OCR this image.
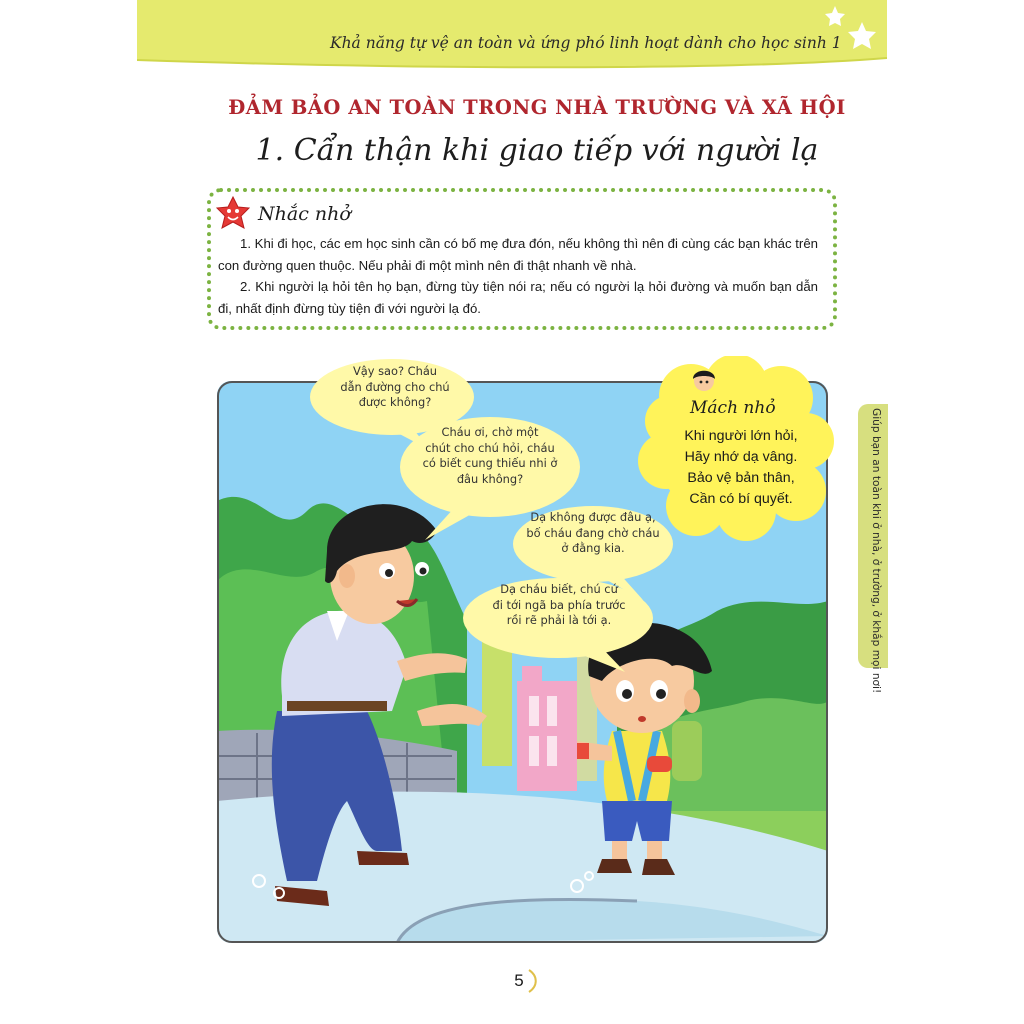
Khả năng tự vệ an toàn và ứng phó linh hoạt dành cho học sinh 1
ĐẢM BẢO AN TOÀN TRONG NHÀ TRƯỜNG VÀ XÃ HỘI
1. Cẩn thận khi giao tiếp với người lạ
Nhắc nhở
1. Khi đi học, các em học sinh cần có bố mẹ đưa đón, nếu không thì nên đi cùng các bạn khác trên con đường quen thuộc. Nếu phải đi một mình nên đi thật nhanh về nhà.
2. Khi người lạ hỏi tên họ bạn, đừng tùy tiện nói ra; nếu có người lạ hỏi đường và muốn bạn dẫn đi, nhất định đừng tùy tiện đi với người lạ đó.
Vậy sao? Cháu
dẫn đường cho chú
được không?
Cháu ơi, chờ một
chút cho chú hỏi, cháu
có biết cung thiếu nhi ở
đâu không?
Dạ không được đâu ạ,
bố cháu đang chờ cháu
ở đằng kia.
Dạ cháu biết, chú cứ
đi tới ngã ba phía trước
rồi rẽ phải là tới ạ.
Mách nhỏ
Khi người lớn hỏi,
Hãy nhớ dạ vâng.
Bảo vệ bản thân,
Cần có bí quyết.	Giúp bạn an toàn khi ở nhà, ở trường, ở khắp mọi nơi!
5
